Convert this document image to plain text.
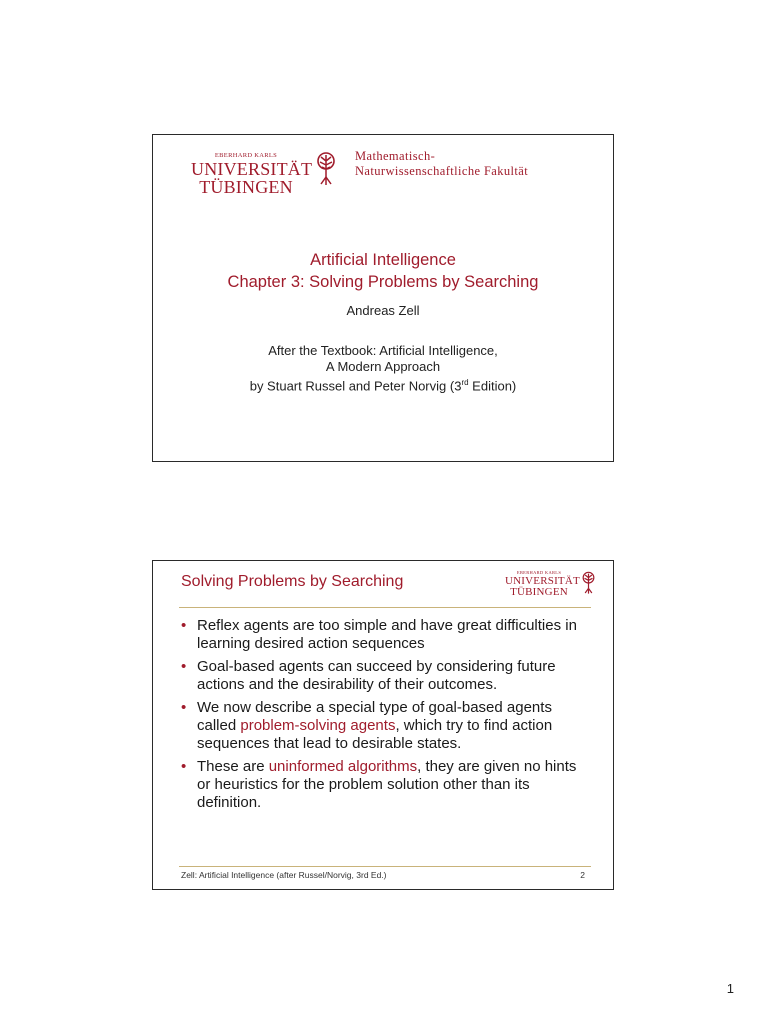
EBERHARD KARLS
UNIVERSITÄT
TÜBINGEN
Mathematisch-
Naturwissenschaftliche Fakultät
Artificial Intelligence
Chapter 3: Solving Problems by Searching
Andreas Zell
After the Textbook: Artificial Intelligence,
A Modern Approach
by Stuart Russel and Peter Norvig (3rd Edition)
Solving Problems by Searching
EBERHARD KARLS
UNIVERSITÄT
TÜBINGEN
• Reflex agents are too simple and have great difficulties in learning desired action sequences
• Goal-based agents can succeed by considering future actions and the desirability of their outcomes.
• We now describe a special type of goal-based agents called problem-solving agents, which try to find action sequences that lead to desirable states.
• These are uninformed algorithms, they are given no hints or heuristics for the problem solution other than its definition.
Zell: Artificial Intelligence (after Russel/Norvig, 3rd Ed.)	2
1
